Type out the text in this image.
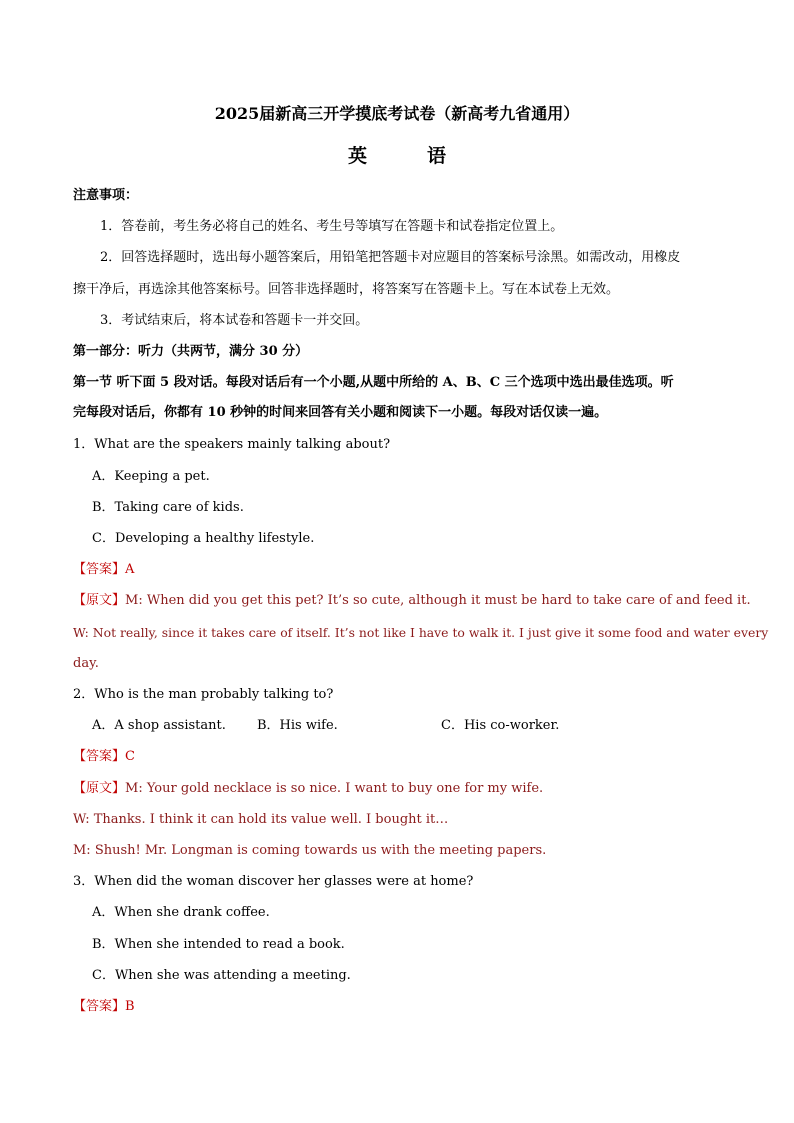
2025届新高三开学摸底考试卷（新高考九省通用）
英	语
注意事项：
1．答卷前，考生务必将自己的姓名、考生号等填写在答题卡和试卷指定位置上。
2．回答选择题时，选出每小题答案后，用铅笔把答题卡对应题目的答案标号涂黑。如需改动，用橡皮
擦干净后，再选涂其他答案标号。回答非选择题时，将答案写在答题卡上。写在本试卷上无效。
3．考试结束后，将本试卷和答题卡一并交回。
第一部分：听力（共两节，满分 30 分）
第一节 听下面 5 段对话。每段对话后有一个小题,从题中所给的 A、B、C 三个选项中选出最佳选项。听
完每段对话后，你都有 10 秒钟的时间来回答有关小题和阅读下一小题。每段对话仅读一遍。
1．What are the speakers mainly talking about?
A．Keeping a pet.
B．Taking care of kids.
C．Developing a healthy lifestyle.
【答案】A
【原文】M: When did you get this pet? It’s so cute, although it must be hard to take care of and feed it.
W: Not really, since it takes care of itself. It’s not like I have to walk it. I just give it some food and water every
day.
2．Who is the man probably talking to?
A．A shop assistant. B．His wife.	C．His co-worker.
【答案】C
【原文】M: Your gold necklace is so nice. I want to buy one for my wife.
W: Thanks. I think it can hold its value well. I bought it…
M: Shush! Mr. Longman is coming towards us with the meeting papers.
3．When did the woman discover her glasses were at home?
A．When she drank coffee.
B．When she intended to read a book.
C．When she was attending a meeting.
【答案】B
